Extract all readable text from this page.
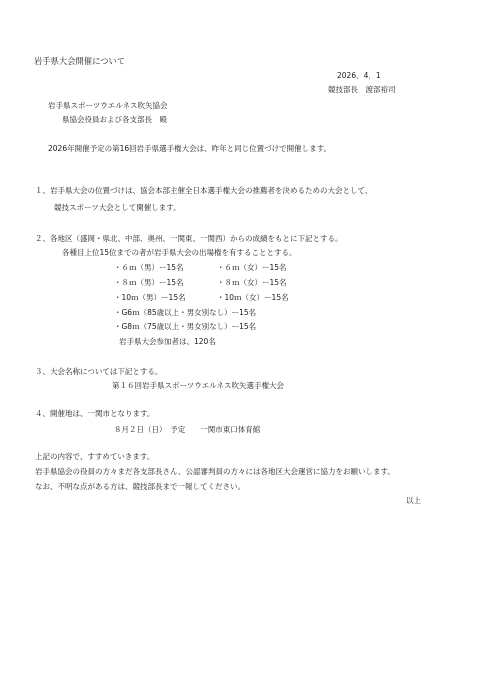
岩手県大会開催について
2026．4．1
競技部長　渡部裕司
岩手県スポーツウエルネス吹矢協会
県協会役員および各支部長　殿
2026年開催予定の第16回岩手県選手権大会は、昨年と同じ位置づけで開催します。
１、岩手県大会の位置づけは、協会本部主催全日本選手権大会の推薦者を決めるための大会として、
競技スポーツ大会として開催します。
２、各地区（盛岡・県北、中部、奥州、一関東、一関西）からの成績をもとに下記とする。
各種目上位15位までの者が岩手県大会の出場権を有することとする。
・６ｍ（男）ー15名	・６ｍ（女）ー15名
・８ｍ（男）ー15名	・８ｍ（女）ー15名
・10ｍ（男）ー15名	・10ｍ（女）ー15名
・G6ｍ（85歳以上・男女別なし）ー15名
・G8ｍ（75歳以上・男女別なし）ー15名
岩手県大会参加者は、120名
３、大会名称については下記とする。
第１６回岩手県スポーツウエルネス吹矢選手権大会
４、開催地は、一関市となります。
８月２日（日）　予定　　一関市東口体育館
上記の内容で、すすめていきます。
岩手県協会の役員の方々まだ各支部長さん、公認審判員の方々には各地区大会運営に協力をお願いします。
なお、不明な点がある方は、競技部長まで一報してください。
以上
